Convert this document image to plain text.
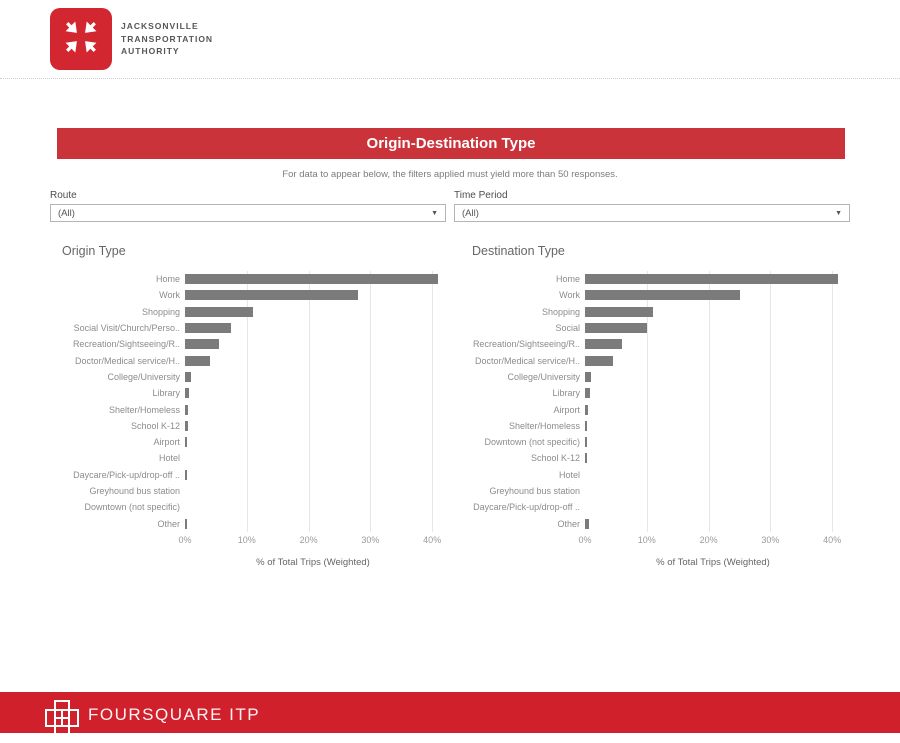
JACKSONVILLE
TRANSPORTATION
AUTHORITY
Origin-Destination Type
For data to appear below, the filters applied must yield more than 50 responses.
Route
(All)	▼
Time Period
(All)	▼
Origin Type
Home
Work
Shopping
Social Visit/Church/Perso..
Recreation/Sightseeing/R..
Doctor/Medical service/H..
College/University
Library
Shelter/Homeless
School K-12
Airport
Hotel
Daycare/Pick-up/drop-off ..
Greyhound bus station
Downtown (not specific)
Other
0%	10%	20%	30%	40%
% of Total Trips (Weighted)
Destination Type
Home
Work
Shopping
Social
Recreation/Sightseeing/R..
Doctor/Medical service/H..
College/University
Library
Airport
Shelter/Homeless
Downtown (not specific)
School K-12
Hotel
Greyhound bus station
Daycare/Pick-up/drop-off ..
Other
0%	10%	20%	30%	40%
% of Total Trips (Weighted)
FOURSQUARE ITP
